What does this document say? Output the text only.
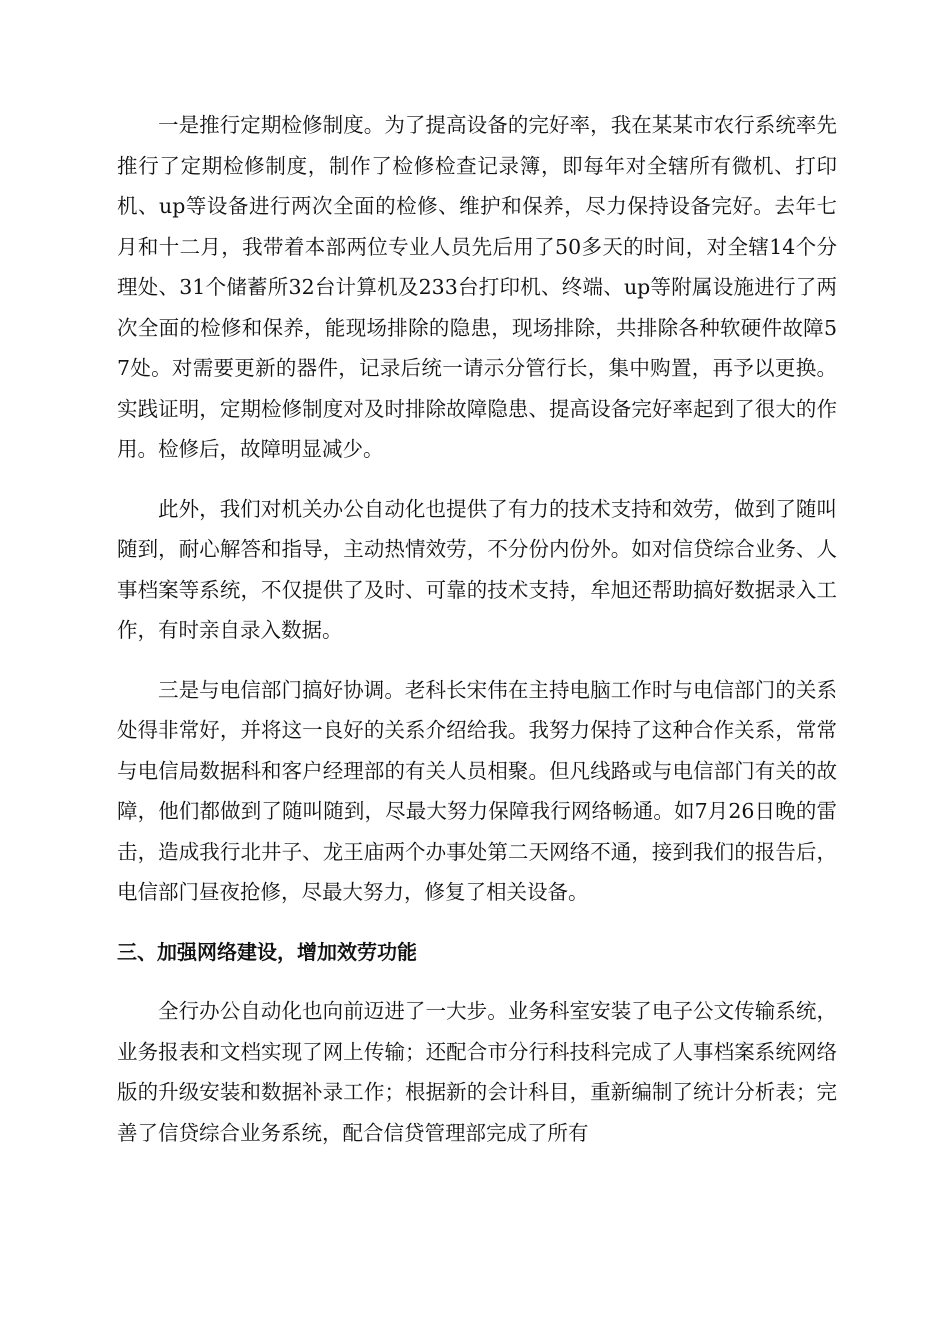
一是推行定期检修制度。为了提高设备的完好率，我在某某市农行系统率先推行了定期检修制度，制作了检修检查记录簿，即每年对全辖所有微机、打印机、up等设备进行两次全面的检修、维护和保养，尽力保持设备完好。去年七月和十二月，我带着本部两位专业人员先后用了50多天的时间，对全辖14个分理处、31个储蓄所32台计算机及233台打印机、终端、up等附属设施进行了两次全面的检修和保养，能现场排除的隐患，现场排除，共排除各种软硬件故障57处。对需要更新的器件，记录后统一请示分管行长，集中购置，再予以更换。实践证明，定期检修制度对及时排除故障隐患、提高设备完好率起到了很大的作用。检修后，故障明显减少。

此外，我们对机关办公自动化也提供了有力的技术支持和效劳，做到了随叫随到，耐心解答和指导，主动热情效劳，不分份内份外。如对信贷综合业务、人事档案等系统，不仅提供了及时、可靠的技术支持，牟旭还帮助搞好数据录入工作，有时亲自录入数据。

三是与电信部门搞好协调。老科长宋伟在主持电脑工作时与电信部门的关系处得非常好，并将这一良好的关系介绍给我。我努力保持了这种合作关系，常常与电信局数据科和客户经理部的有关人员相聚。但凡线路或与电信部门有关的故障，他们都做到了随叫随到，尽最大努力保障我行网络畅通。如7月26日晚的雷击，造成我行北井子、龙王庙两个办事处第二天网络不通，接到我们的报告后，电信部门昼夜抢修，尽最大努力，修复了相关设备。

三、加强网络建设，增加效劳功能

全行办公自动化也向前迈进了一大步。业务科室安装了电子公文传输系统，业务报表和文档实现了网上传输；还配合市分行科技科完成了人事档案系统网络版的升级安装和数据补录工作；根据新的会计科目，重新编制了统计分析表；完善了信贷综合业务系统，配合信贷管理部完成了所有
